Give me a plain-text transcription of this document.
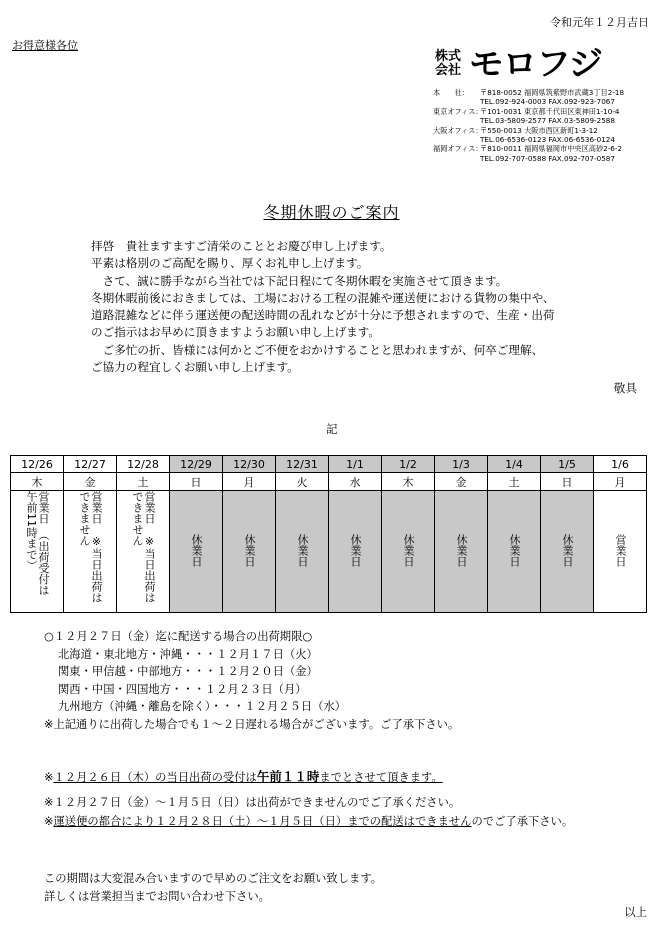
令和元年１２月吉日
お得意様各位
株式
会社 モロフジ
本　　社：	〒818-0052 福岡県筑紫野市武蔵3丁目2-18
TEL.092-924-0003 FAX.092-923-7067
東京オフィス：
〒101-0031 東京都千代田区東神田1-10-4
TEL.03-5809-2577 FAX.03-5809-2588
大阪オフィス：
〒550-0013 大阪市西区新町1-3-12
TEL.06-6536-0123 FAX.06-6536-0124
福岡オフィス：
〒810-0011 福岡県福岡市中央区高砂2-6-2
TEL.092-707-0588 FAX.092-707-0587
冬期休暇のご案内
拝啓　貴社ますますご清栄のこととお慶び申し上げます。
平素は格別のご高配を賜り、厚くお礼申し上げます。
　さて、誠に勝手ながら当社では下記日程にて冬期休暇を実施させて頂きます。
冬期休暇前後におきましては、工場における工程の混雑や運送便における貨物の集中や、
道路混雑などに伴う運送便の配送時間の乱れなどが十分に予想されますので、生産・出荷
のご指示はお早めに頂きますようお願い申し上げます。
　ご多忙の折、皆様には何かとご不便をおかけすることと思われますが、何卒ご理解、
ご協力の程宜しくお願い申し上げます。
敬具
記
12/26	12/27	12/28	12/29	12/30	12/31	1/1	1/2	1/3	1/4	1/5	1/6
木	金	土	日	月	火	水	木	金	土	日	月
営業日　（出荷受付は　午前11時まで）	営業日　※当日出荷は　できません	営業日　※当日出荷は　できません	休業日	休業日	休業日	休業日	休業日	休業日	休業日	休業日	営業日
○１２月２７日（金）迄に配送する場合の出荷期限○
北海道・東北地方・沖縄・・・１２月１７日（火）
関東・甲信越・中部地方・・・１２月２０日（金）
関西・中国・四国地方・・・１２月２３日（月）
九州地方（沖縄・離島を除く）・・・１２月２５日（水）
※上記通りに出荷した場合でも１～２日遅れる場合がございます。ご了承下さい。
※１２月２６日（木）の当日出荷の受付は午前１１時までとさせて頂きます。
※１２月２７日（金）～１月５日（日）は出荷ができませんのでご了承ください。
※運送便の都合により１２月２８日（土）～１月５日（日）までの配送はできませんのでご了承下さい。
この期間は大変混み合いますので早めのご注文をお願い致します。
詳しくは営業担当までお問い合わせ下さい。
以上
